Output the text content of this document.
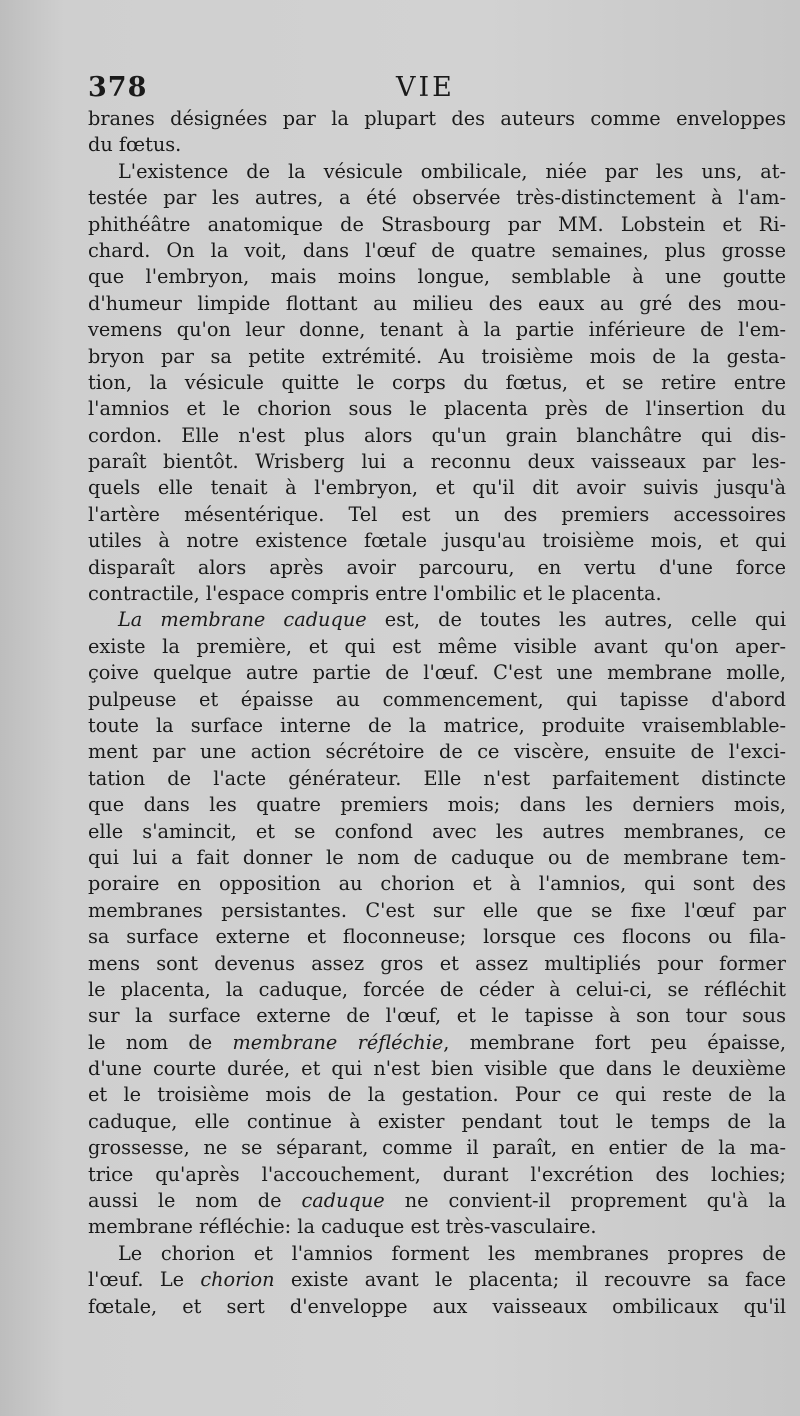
378	VIE
branes désignées par la plupart des auteurs comme enveloppes
du fœtus.
L'existence de la vésicule ombilicale, niée par les uns, at-
testée par les autres, a été observée très-distinctement à l'am-
phithéâtre anatomique de Strasbourg par MM. Lobstein et Ri-
chard. On la voit, dans l'œuf de quatre semaines, plus grosse
que l'embryon, mais moins longue, semblable à une goutte
d'humeur limpide flottant au milieu des eaux au gré des mou-
vemens qu'on leur donne, tenant à la partie inférieure de l'em-
bryon par sa petite extrémité. Au troisième mois de la gesta-
tion, la vésicule quitte le corps du fœtus, et se retire entre
l'amnios et le chorion sous le placenta près de l'insertion du
cordon. Elle n'est plus alors qu'un grain blanchâtre qui dis-
paraît bientôt. Wrisberg lui a reconnu deux vaisseaux par les-
quels elle tenait à l'embryon, et qu'il dit avoir suivis jusqu'à
l'artère mésentérique. Tel est un des premiers accessoires
utiles à notre existence fœtale jusqu'au troisième mois, et qui
disparaît alors après avoir parcouru, en vertu d'une force
contractile, l'espace compris entre l'ombilic et le placenta.
La membrane caduque est, de toutes les autres, celle qui
existe la première, et qui est même visible avant qu'on aper-
çoive quelque autre partie de l'œuf. C'est une membrane molle,
pulpeuse et épaisse au commencement, qui tapisse d'abord
toute la surface interne de la matrice, produite vraisemblable-
ment par une action sécrétoire de ce viscère, ensuite de l'exci-
tation de l'acte générateur. Elle n'est parfaitement distincte
que dans les quatre premiers mois; dans les derniers mois,
elle s'amincit, et se confond avec les autres membranes, ce
qui lui a fait donner le nom de caduque ou de membrane tem-
poraire en opposition au chorion et à l'amnios, qui sont des
membranes persistantes. C'est sur elle que se fixe l'œuf par
sa surface externe et floconneuse; lorsque ces flocons ou fila-
mens sont devenus assez gros et assez multipliés pour former
le placenta, la caduque, forcée de céder à celui-ci, se réfléchit
sur la surface externe de l'œuf, et le tapisse à son tour sous
le nom de membrane réfléchie, membrane fort peu épaisse,
d'une courte durée, et qui n'est bien visible que dans le deuxième
et le troisième mois de la gestation. Pour ce qui reste de la
caduque, elle continue à exister pendant tout le temps de la
grossesse, ne se séparant, comme il paraît, en entier de la ma-
trice qu'après l'accouchement, durant l'excrétion des lochies;
aussi le nom de caduque ne convient-il proprement qu'à la
membrane réfléchie: la caduque est très-vasculaire.
Le chorion et l'amnios forment les membranes propres de
l'œuf. Le chorion existe avant le placenta; il recouvre sa face
fœtale, et sert d'enveloppe aux vaisseaux ombilicaux qu'il
